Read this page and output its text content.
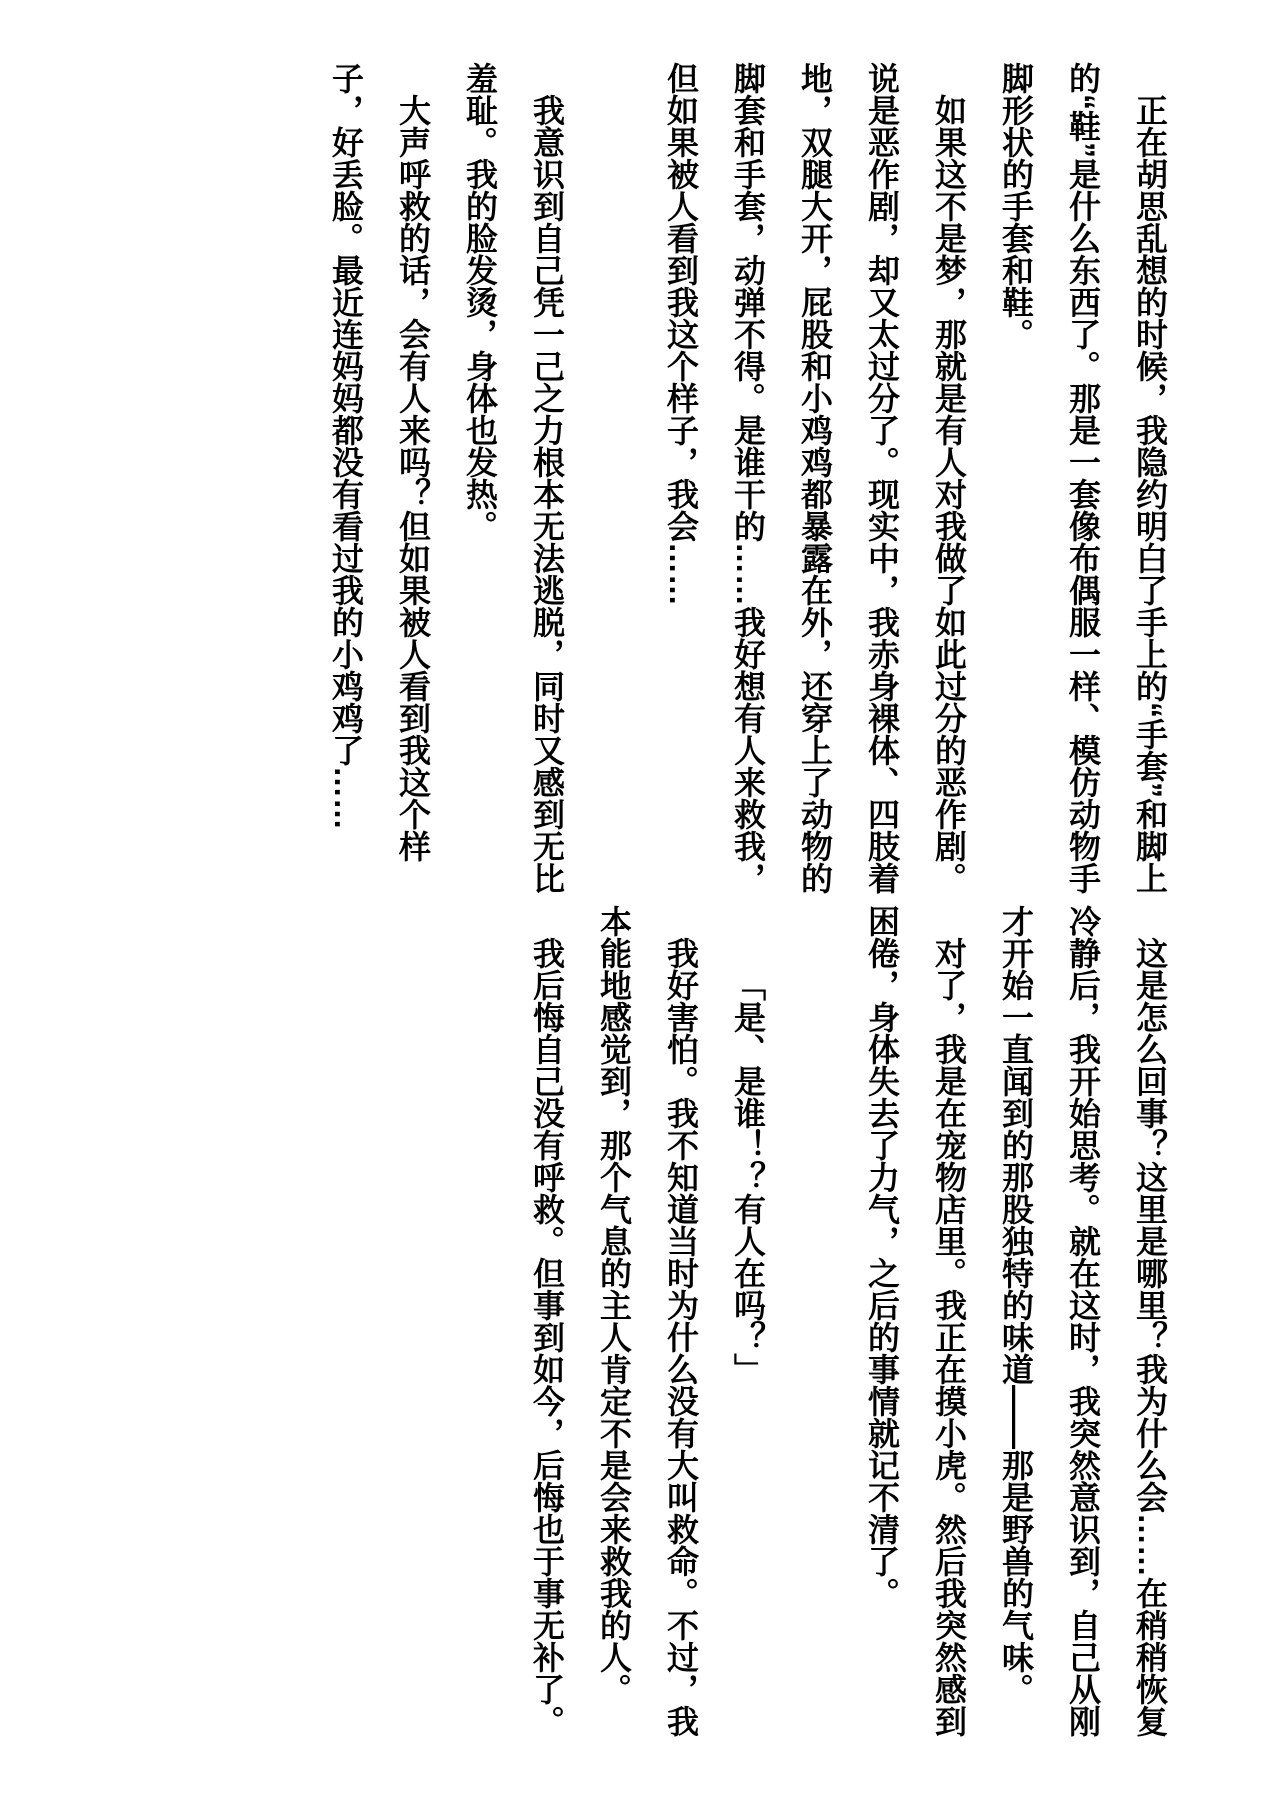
正在胡思乱想的时候，我隐约明白了手上的“手套”和脚上的“鞋”是什么东西了。那是一套像布偶服一样、模仿动物手脚形状的手套和鞋。

如果这不是梦，那就是有人对我做了如此过分的恶作剧。说是恶作剧，却又太过分了。现实中，我赤身裸体、四肢着地，双腿大开，屁股和小鸡鸡都暴露在外，还穿上了动物的脚套和手套，动弹不得。是谁干的……我好想有人来救我，但如果被人看到我这个样子，我会……

我意识到自己凭一己之力根本无法逃脱，同时又感到无比羞耻。我的脸发烫，身体也发热。

大声呼救的话，会有人来吗？但如果被人看到我这个样子，好丢脸。最近连妈妈都没有看过我的小鸡鸡了……

这是怎么回事？这里是哪里？我为什么会……在稍稍恢复冷静后，我开始思考。就在这时，我突然意识到，自己从刚才开始一直闻到的那股独特的味道——那是野兽的气味。

对了，我是在宠物店里。我正在摸小虎。然后我突然感到困倦，身体失去了力气，之后的事情就记不清了。

「是、是谁！？有人在吗？」

我好害怕。我不知道当时为什么没有大叫救命。不过，我本能地感觉到，那个气息的主人肯定不是会来救我的人。

我后悔自己没有呼救。但事到如今，后悔也于事无补了。
